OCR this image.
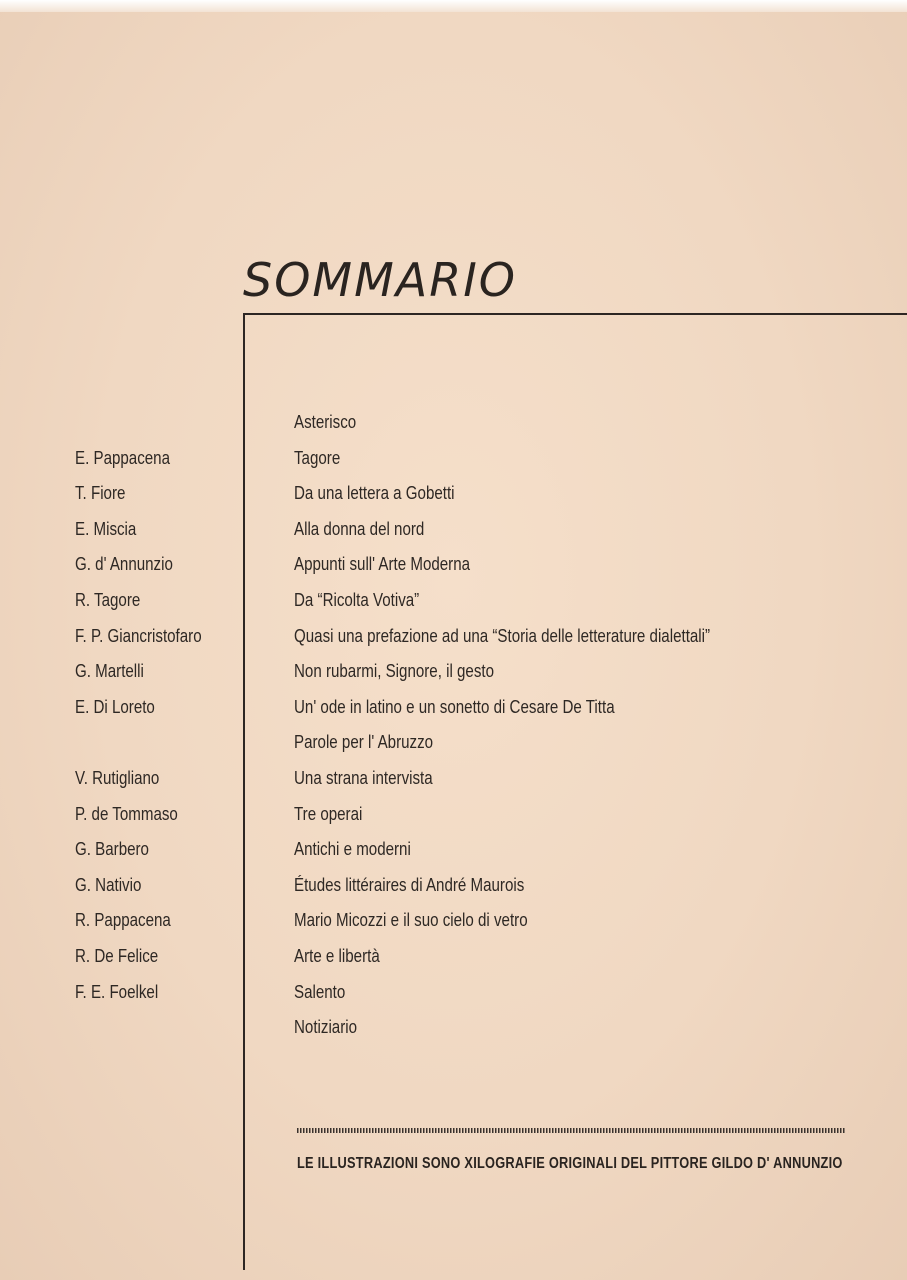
SOMMARIO
E. Pappacena
T. Fiore
E. Miscia
G. d' Annunzio
R. Tagore
F. P. Giancristofaro
G. Martelli
E. Di Loreto
V. Rutigliano
P. de Tommaso
G. Barbero
G. Nativio
R. Pappacena
R. De Felice
F. E. Foelkel
Asterisco
Tagore
Da una lettera a Gobetti
Alla donna del nord
Appunti sull' Arte Moderna
Da “Ricolta Votiva”
Quasi una prefazione ad una “Storia delle letterature dialettali”
Non rubarmi, Signore, il gesto
Un' ode in latino e un sonetto di Cesare De Titta
Parole per l' Abruzzo
Una strana intervista
Tre operai
Antichi e moderni
Études littéraires di André Maurois
Mario Micozzi e il suo cielo di vetro
Arte e libertà
Salento
Notiziario
LE ILLUSTRAZIONI SONO XILOGRAFIE ORIGINALI DEL PITTORE GILDO D' ANNUNZIO
